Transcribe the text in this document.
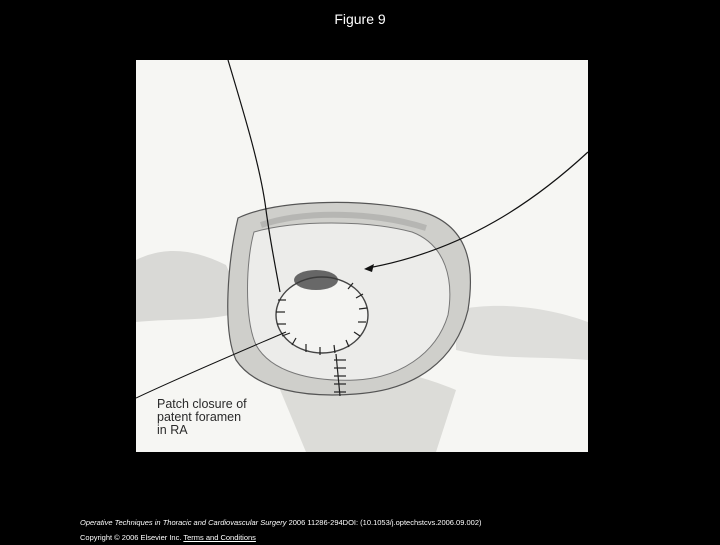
Figure 9
Patch closure of
patent foramen
in RA
Operative Techniques in Thoracic and Cardiovascular Surgery 2006 11286-294DOI: (10.1053/j.optechstcvs.2006.09.002)
Copyright © 2006 Elsevier Inc. Terms and Conditions
